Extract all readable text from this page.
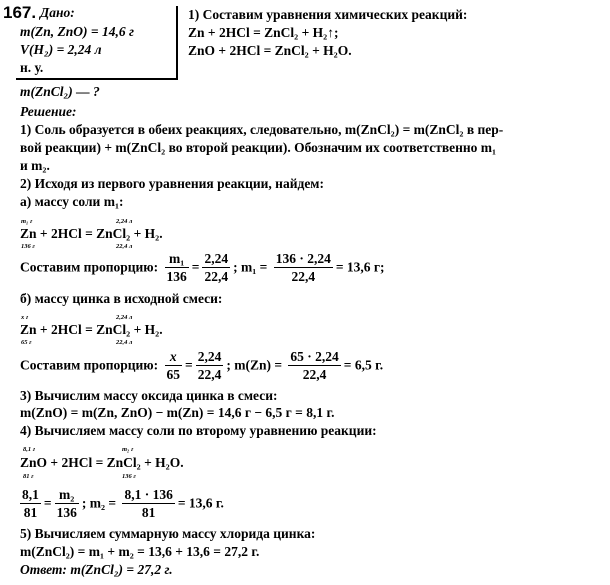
167. Дано:
m(Zn, ZnO) = 14,6 г
V(H₂) = 2,24 л
н. у.
m(ZnCl₂) — ?
1) Составим уравнения химических реакций:
Zn + 2HCl = ZnCl₂ + H₂↑;
ZnO + 2HCl = ZnCl₂ + H₂O.
Решение:
1) Соль образуется в обеих реакциях, следовательно, m(ZnCl₂) = m(ZnCl₂ в пер-
вой реакции) + m(ZnCl₂ во второй реакции). Обозначим их соответственно m₁
и m₂.
2) Исходя из первого уравнения реакции, найдем:
а) массу соли m₁:
m₁ г
136 г
2,24 л
22,4 л
Zn + 2HCl = ZnCl₂ + H₂.
Составим пропорцию: $\frac{\text{m₁}}{136} = \frac{2,24}{22,4}$ ; $m_1 = \frac{136 \cdot 2,24}{22,4} = 13,6$ г;
б) массу цинка в исходной смеси:
x г
65 г
2,24 л
22,4 л
Zn + 2HCl = ZnCl₂ + H₂.
Составим пропорцию: $\frac{x}{65} = \frac{2,24}{22,4}$ ; $m(Zn) = \frac{65 \cdot 2,24}{22,4} = 6,5$ г.
3) Вычислим массу оксида цинка в смеси:
m(ZnO) = m(Zn, ZnO) − m(Zn) = 14,6 г − 6,5 г = 8,1 г.
4) Вычисляем массу соли по второму уравнению реакции:
8,1 г
81 г
m₂ г
136 г
ZnO + 2HCl = ZnCl₂ + H₂O.
$\frac{8,1}{81} = \frac{\text{m₂}}{136}$ ; $m_2 = \frac{8,1 \cdot 136}{81} = 13,6$ г.
5) Вычисляем суммарную массу хлорида цинка:
m(ZnCl₂) = m₁ + m₂ = 13,6 + 13,6 = 27,2 г.
Ответ: m(ZnCl₂) = 27,2 г.
